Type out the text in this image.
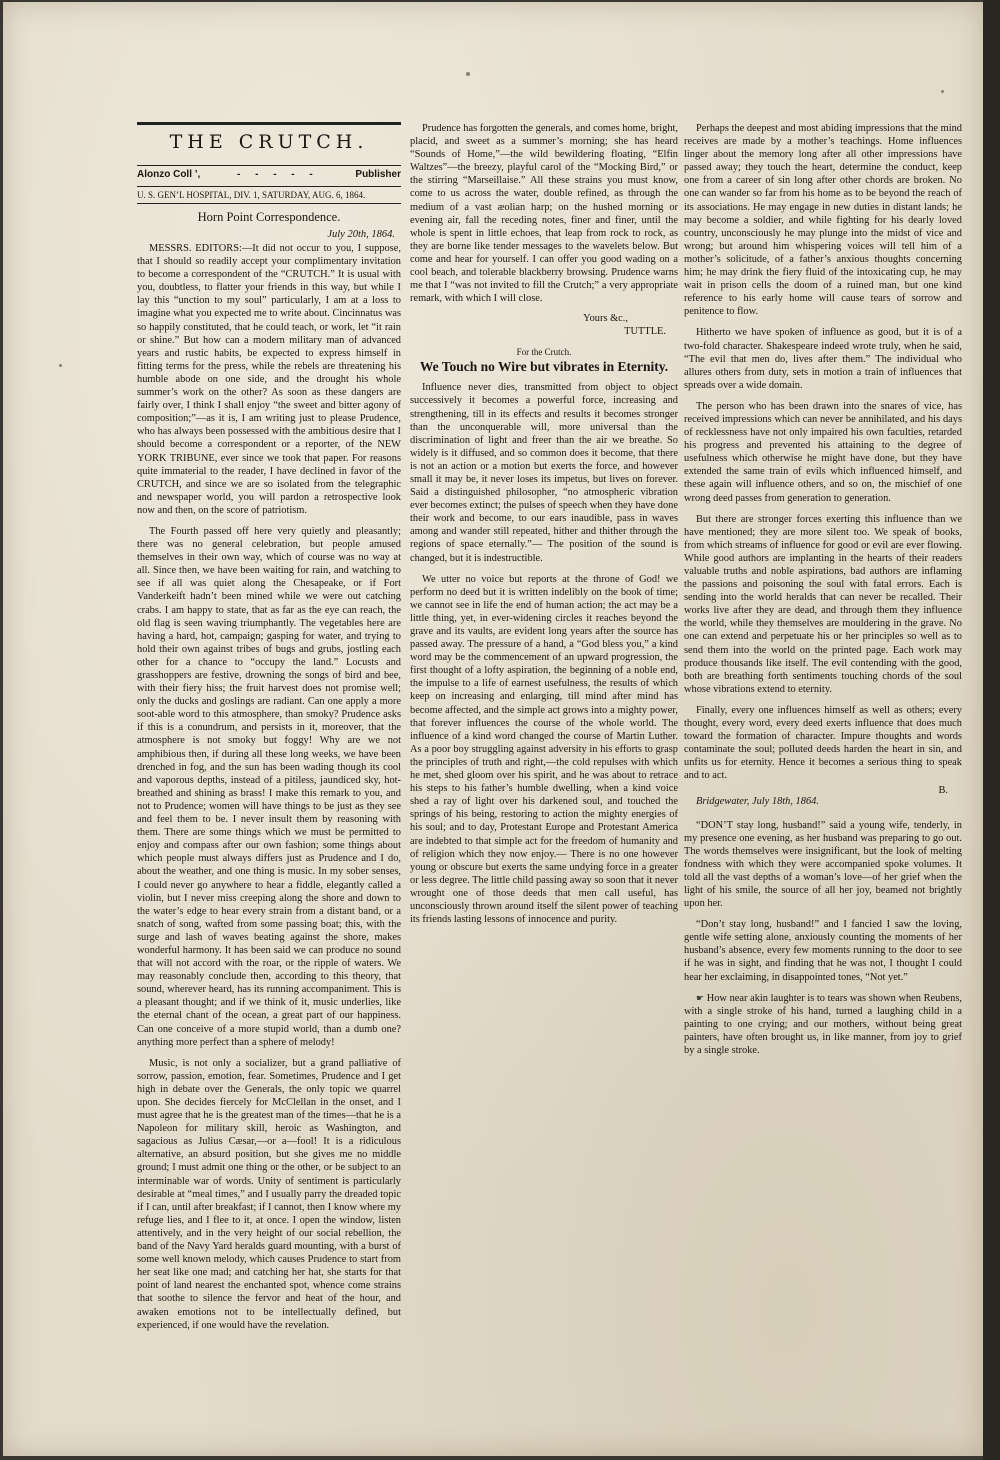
THE CRUTCH.
Alonzo Coll ’,	- - - - -	Publisher
U. S. GEN’L HOSPITAL, DIV. 1, SATURDAY, AUG. 6, 1864.
Horn Point Correspondence.
July 20th, 1864.

MESSRS. EDITORS:—It did not occur to you, I suppose, that I should so readily accept your complimentary invitation to become a correspondent of the “CRUTCH.” It is usual with you, doubtless, to flatter your friends in this way, but while I lay this “unction to my soul” particularly, I am at a loss to imagine what you expected me to write about. Cincinnatus was so happily constituted, that he could teach, or work, let “it rain or shine.” But how can a modern military man of advanced years and rustic habits, be expected to express himself in fitting terms for the press, while the rebels are threatening his humble abode on one side, and the drought his whole summer’s work on the other? As soon as these dangers are fairly over, I think I shall enjoy “the sweet and bitter agony of composition;”—as it is, I am writing just to please Prudence, who has always been possessed with the ambitious desire that I should become a correspondent or a reporter, of the NEW YORK TRIBUNE, ever since we took that paper. For reasons quite immaterial to the reader, I have declined in favor of the CRUTCH, and since we are so isolated from the telegraphic and newspaper world, you will pardon a retrospective look now and then, on the score of patriotism.

The Fourth passed off here very quietly and pleasantly; there was no general celebration, but people amused themselves in their own way, which of course was no way at all. Since then, we have been waiting for rain, and watching to see if all was quiet along the Chesapeake, or if Fort Vanderkeift hadn’t been mined while we were out catching crabs. I am happy to state, that as far as the eye can reach, the old flag is seen waving triumphantly. The vegetables here are having a hard, hot, campaign; gasping for water, and trying to hold their own against tribes of bugs and grubs, jostling each other for a chance to “occupy the land.” Locusts and grasshoppers are festive, drowning the songs of bird and bee, with their fiery hiss; the fruit harvest does not promise well; only the ducks and goslings are radiant. Can one apply a more soot-able word to this atmosphere, than smoky? Prudence asks if this is a conundrum, and persists in it, moreover, that the atmosphere is not smoky but foggy! Why are we not amphibious then, if during all these long weeks, we have been drenched in fog, and the sun has been wading though its cool and vaporous depths, instead of a pitiless, jaundiced sky, hot-breathed and shining as brass! I make this remark to you, and not to Prudence; women will have things to be just as they see and feel them to be. I never insult them by reasoning with them. There are some things which we must be permitted to enjoy and compass after our own fashion; some things about which people must always differs just as Prudence and I do, about the weather, and one thing is music. In my sober senses, I could never go anywhere to hear a fiddle, elegantly called a violin, but I never miss creeping along the shore and down to the water’s edge to hear every strain from a distant band, or a snatch of song, wafted from some passing boat; this, with the surge and lash of waves beating against the shore, makes wonderful harmony. It has been said we can produce no sound that will not accord with the roar, or the ripple of waters. We may reasonably conclude then, according to this theory, that sound, wherever heard, has its running accompaniment. This is a pleasant thought; and if we think of it, music underlies, like the eternal chant of the ocean, a great part of our happiness. Can one conceive of a more stupid world, than a dumb one? anything more perfect than a sphere of melody!

Music, is not only a socializer, but a grand palliative of sorrow, passion, emotion, fear. Sometimes, Prudence and I get high in debate over the Generals, the only topic we quarrel upon. She decides fiercely for McClellan in the onset, and I must agree that he is the greatest man of the times—that he is a Napoleon for military skill, heroic as Washington, and sagacious as Julius Cæsar,—or a—fool! It is a ridiculous alternative, an absurd position, but she gives me no middle ground; I must admit one thing or the other, or be subject to an interminable war of words. Unity of sentiment is particularly desirable at “meal times,” and I usually parry the dreaded topic if I can, until after breakfast; if I cannot, then I know where my refuge lies, and I flee to it, at once. I open the window, listen attentively, and in the very height of our social rebellion, the band of the Navy Yard heralds guard mounting, with a burst of some well known melody, which causes Prudence to start from her seat like one mad; and catching her hat, she starts for that point of land nearest the enchanted spot, whence come strains that soothe to silence the fervor and heat of the hour, and awaken emotions not to be intellectually defined, but experienced, if one would have the revelation.

Prudence has forgotten the generals, and comes home, bright, placid, and sweet as a summer’s morning; she has heard “Sounds of Home,”—the wild bewildering floating, “Elfin Waltzes”—the breezy, playful carol of the “Mocking Bird,” or the stirring “Marseillaise.” All these strains you must know, come to us across the water, double refined, as through the medium of a vast æolian harp; on the hushed morning or evening air, fall the receding notes, finer and finer, until the whole is spent in little echoes, that leap from rock to rock, as they are borne like tender messages to the wavelets below. But come and hear for yourself. I can offer you good wading on a cool beach, and tolerable blackberry browsing. Prudence warns me that I “was not invited to fill the Crutch;” a very appropriate remark, with which I will close.

Yours &c.,
TUTTLE.
For the Crutch.
We Touch no Wire but vibrates in Eternity.

Influence never dies, transmitted from object to object successively it becomes a powerful force, increasing and strengthening, till in its effects and results it becomes stronger than the unconquerable will, more universal than the discrimination of light and freer than the air we breathe. So widely is it diffused, and so common does it become, that there is not an action or a motion but exerts the force, and however small it may be, it never loses its impetus, but lives on forever. Said a distinguished philosopher, “no atmospheric vibration ever becomes extinct; the pulses of speech when they have done their work and become, to our ears inaudible, pass in waves among and wander still repeated, hither and thither through the regions of space eternally.”— The position of the sound is changed, but it is indestructible.

We utter no voice but reports at the throne of God! we perform no deed but it is written indelibly on the book of time; we cannot see in life the end of human action; the act may be a little thing, yet, in ever-widening circles it reaches beyond the grave and its vaults, are evident long years after the source has passed away. The pressure of a hand, a “God bless you,” a kind word may be the commencement of an upward progression, the first thought of a lofty aspiration, the beginning of a noble end, the impulse to a life of earnest usefulness, the results of which keep on increasing and enlarging, till mind after mind has become affected, and the simple act grows into a mighty power, that forever influences the course of the whole world. The influence of a kind word changed the course of Martin Luther. As a poor boy struggling against adversity in his efforts to grasp the principles of truth and right,—the cold repulses with which he met, shed gloom over his spirit, and he was about to retrace his steps to his father’s humble dwelling, when a kind voice shed a ray of light over his darkened soul, and touched the springs of his being, restoring to action the mighty energies of his soul; and to day, Protestant Europe and Protestant America are indebted to that simple act for the freedom of humanity and of religion which they now enjoy.— There is no one however young or obscure but exerts the same undying force in a greater or less degree. The little child passing away so soon that it never wrought one of those deeds that men call useful, has unconsciously thrown around itself the silent power of teaching its friends lasting lessons of innocence and purity.

Perhaps the deepest and most abiding impressions that the mind receives are made by a mother’s teachings. Home influences linger about the memory long after all other impressions have passed away; they touch the heart, determine the conduct, keep one from a career of sin long after other chords are broken. No one can wander so far from his home as to be beyond the reach of its associations. He may engage in new duties in distant lands; he may become a soldier, and while fighting for his dearly loved country, unconsciously he may plunge into the midst of vice and wrong; but around him whispering voices will tell him of a mother’s solicitude, of a father’s anxious thoughts concerning him; he may drink the fiery fluid of the intoxicating cup, he may wait in prison cells the doom of a ruined man, but one kind reference to his early home will cause tears of sorrow and penitence to flow.

Hitherto we have spoken of influence as good, but it is of a two-fold character. Shakespeare indeed wrote truly, when he said, “The evil that men do, lives after them.” The individual who allures others from duty, sets in motion a train of influences that spreads over a wide domain.

The person who has been drawn into the snares of vice, has received impressions which can never be annihilated, and his days of recklessness have not only impaired his own faculties, retarded his progress and prevented his attaining to the degree of usefulness which otherwise he might have done, but they have extended the same train of evils which influenced himself, and these again will influence others, and so on, the mischief of one wrong deed passes from generation to generation.

But there are stronger forces exerting this influence than we have mentioned; they are more silent too. We speak of books, from which streams of influence for good or evil are ever flowing. While good authors are implanting in the hearts of their readers valuable truths and noble aspirations, bad authors are inflaming the passions and poisoning the soul with fatal errors. Each is sending into the world heralds that can never be recalled. Their works live after they are dead, and through them they influence the world, while they themselves are mouldering in the grave. No one can extend and perpetuate his or her principles so well as to send them into the world on the printed page. Each work may produce thousands like itself. The evil contending with the good, both are breathing forth sentiments touching chords of the soul whose vibrations extend to eternity.

Finally, every one influences himself as well as others; every thought, every word, every deed exerts influence that does much toward the formation of character. Impure thoughts and words contaminate the soul; polluted deeds harden the heart in sin, and unfits us for eternity. Hence it becomes a serious thing to speak and to act.

B.
Bridgewater, July 18th, 1864.

“DON’T stay long, husband!” said a young wife, tenderly, in my presence one evening, as her husband was preparing to go out. The words themselves were insignificant, but the look of melting fondness with which they were accompanied spoke volumes. It told all the vast depths of a woman’s love—of her grief when the light of his smile, the source of all her joy, beamed not brightly upon her.

“Don’t stay long, husband!” and I fancied I saw the loving, gentle wife setting alone, anxiously counting the moments of her husband’s absence, every few moments running to the door to see if he was in sight, and finding that he was not, I thought I could hear her exclaiming, in disappointed tones, “Not yet.”

☛ How near akin laughter is to tears was shown when Reubens, with a single stroke of his hand, turned a laughing child in a painting to one crying; and our mothers, without being great painters, have often brought us, in like manner, from joy to grief by a single stroke.
